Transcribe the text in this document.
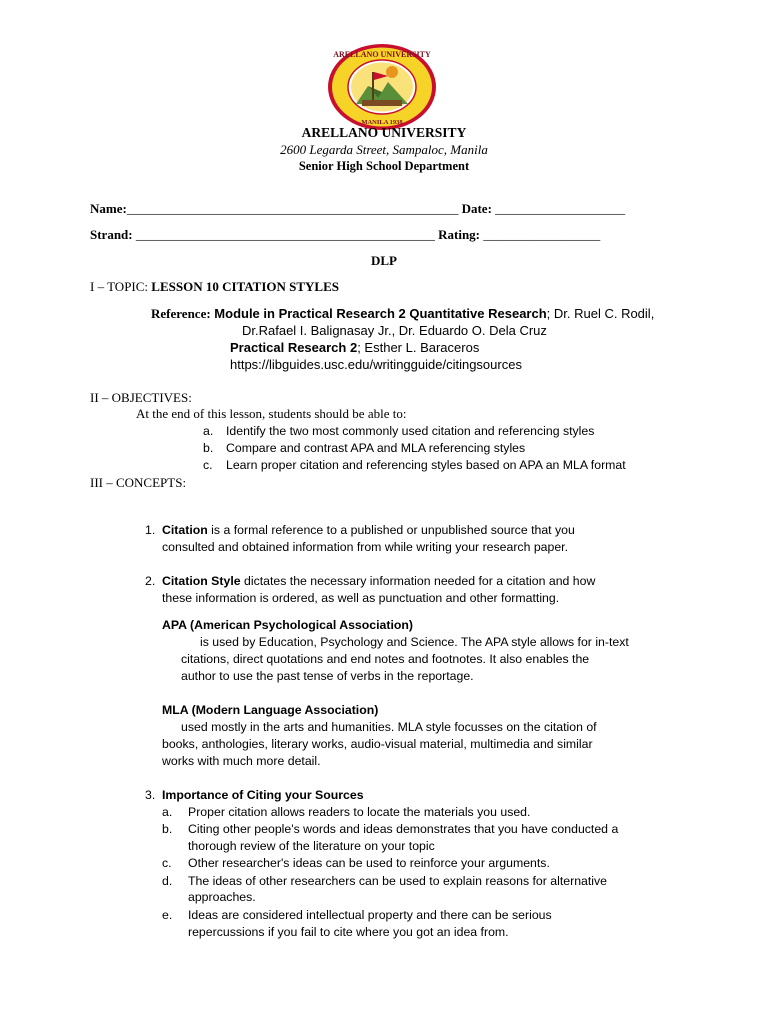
ARELLANO UNIVERSITY
MANILA 1938
ARELLANO UNIVERSITY
2600 Legarda Street, Sampaloc, Manila
Senior High School Department
Name:___________________________________________________ Date: ____________________
Strand: ______________________________________________ Rating: __________________
DLP
I – TOPIC: LESSON 10 CITATION STYLES
Reference: Module in Practical Research 2 Quantitative Research; Dr. Ruel C. Rodil,
Dr.Rafael I. Balignasay Jr., Dr. Eduardo O. Dela Cruz
Practical Research 2; Esther L. Baraceros
https://libguides.usc.edu/writingguide/citingsources
II – OBJECTIVES:
At the end of this lesson, students should be able to:
a. Identify the two most commonly used citation and referencing styles
b. Compare and contrast APA and MLA referencing styles
c. Learn proper citation and referencing styles based on APA an MLA format
III – CONCEPTS:
1. Citation is a formal reference to a published or unpublished source that you
consulted and obtained information from while writing your research paper.
2. Citation Style dictates the necessary information needed for a citation and how
these information is ordered, as well as punctuation and other formatting.
APA (American Psychological Association)
is used by Education, Psychology and Science. The APA style allows for in-text
citations, direct quotations and end notes and footnotes. It also enables the
author to use the past tense of verbs in the reportage.
MLA (Modern Language Association)
used mostly in the arts and humanities. MLA style focusses on the citation of
books, anthologies, literary works, audio-visual material, multimedia and similar
works with much more detail.
3. Importance of Citing your Sources
a. Proper citation allows readers to locate the materials you used.
b. Citing other people's words and ideas demonstrates that you have conducted a
thorough review of the literature on your topic
c. Other researcher's ideas can be used to reinforce your arguments.
d. The ideas of other researchers can be used to explain reasons for alternative
approaches.
e. Ideas are considered intellectual property and there can be serious
repercussions if you fail to cite where you got an idea from.
